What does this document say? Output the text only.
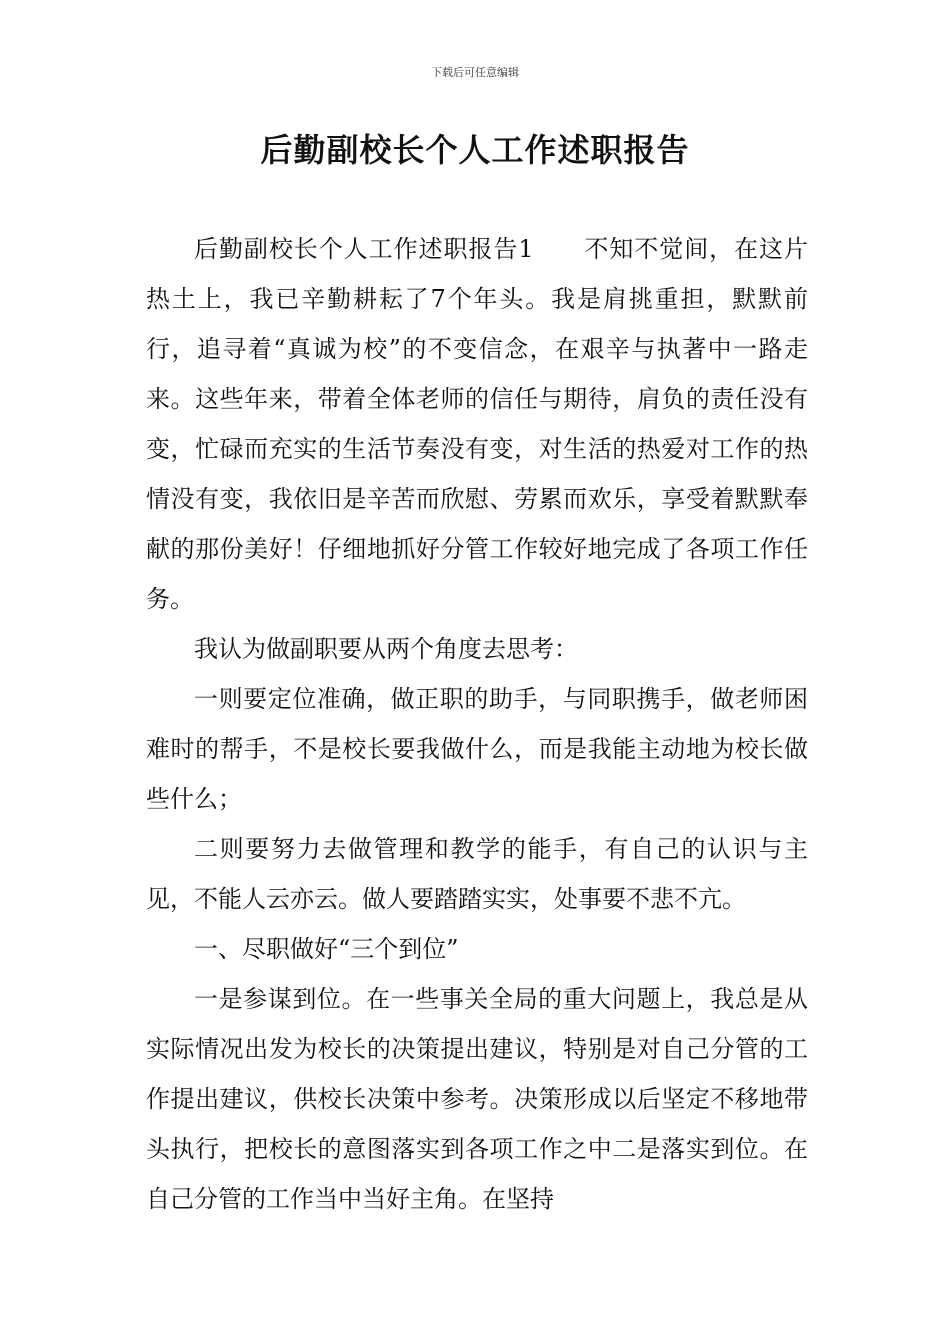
下载后可任意编辑
后勤副校长个人工作述职报告

后勤副校长个人工作述职报告1　　不知不觉间，在这片热土上，我已辛勤耕耘了7个年头。我是肩挑重担，默默前行，追寻着“真诚为校”的不变信念，在艰辛与执著中一路走来。这些年来，带着全体老师的信任与期待，肩负的责任没有变，忙碌而充实的生活节奏没有变，对生活的热爱对工作的热情没有变，我依旧是辛苦而欣慰、劳累而欢乐，享受着默默奉献的那份美好！仔细地抓好分管工作较好地完成了各项工作任务。

我认为做副职要从两个角度去思考：

一则要定位准确，做正职的助手，与同职携手，做老师困难时的帮手，不是校长要我做什么，而是我能主动地为校长做些什么；

二则要努力去做管理和教学的能手，有自己的认识与主见，不能人云亦云。做人要踏踏实实，处事要不悲不亢。

一、尽职做好“三个到位”

一是参谋到位。在一些事关全局的重大问题上，我总是从实际情况出发为校长的决策提出建议，特别是对自己分管的工作提出建议，供校长决策中参考。决策形成以后坚定不移地带头执行，把校长的意图落实到各项工作之中二是落实到位。在自己分管的工作当中当好主角。在坚持
